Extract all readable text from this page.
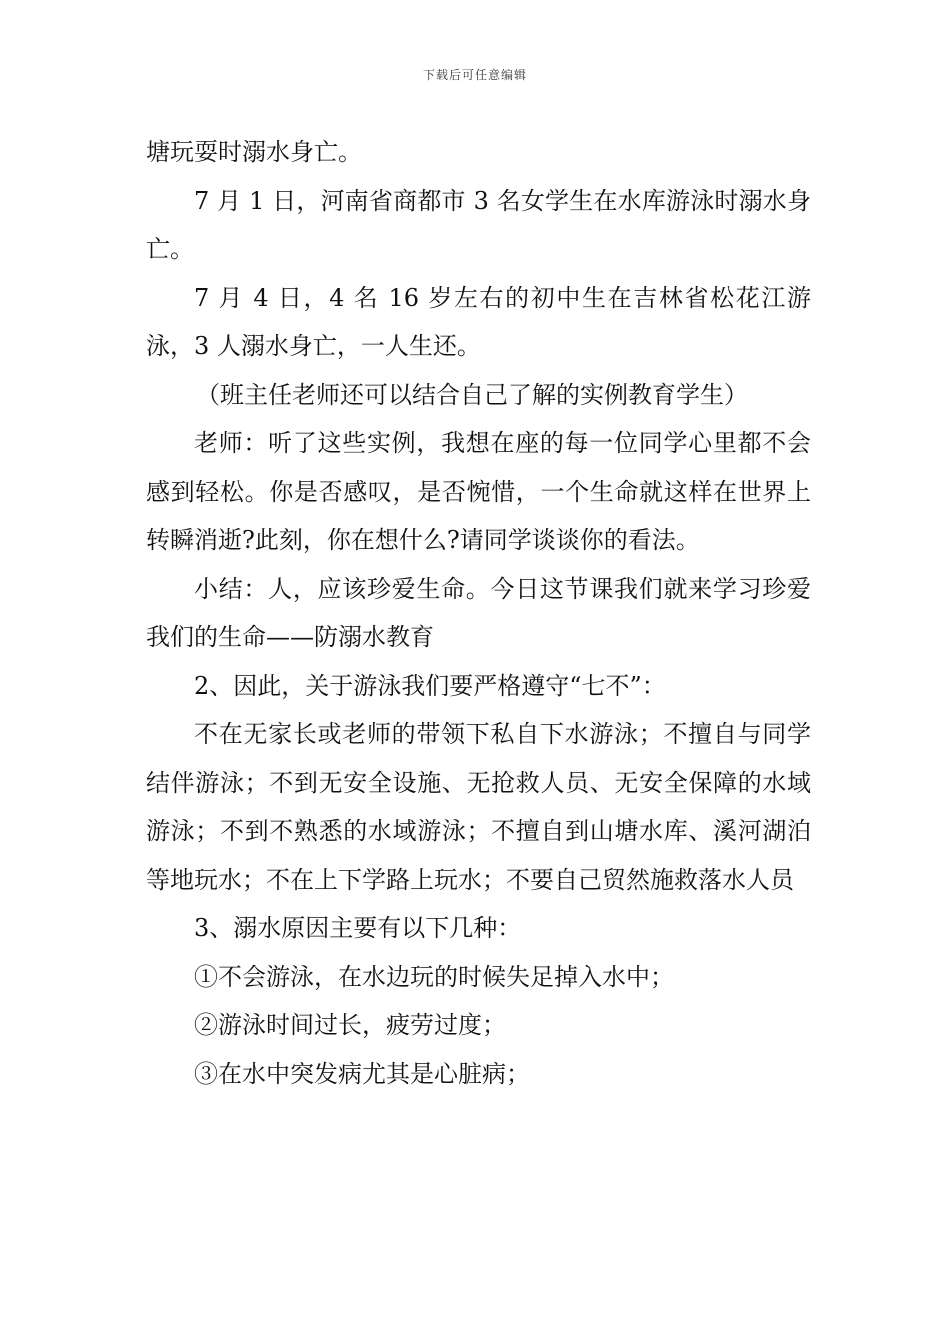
下载后可任意编辑

塘玩耍时溺水身亡。

7 月 1 日，河南省商都市 3 名女学生在水库游泳时溺水身亡。

7 月 4 日，4 名 16 岁左右的初中生在吉林省松花江游泳，3 人溺水身亡，一人生还。

（班主任老师还可以结合自己了解的实例教育学生）

老师：听了这些实例，我想在座的每一位同学心里都不会感到轻松。你是否感叹，是否惋惜，一个生命就这样在世界上转瞬消逝?此刻，你在想什么?请同学谈谈你的看法。

小结：人，应该珍爱生命。今日这节课我们就来学习珍爱我们的生命——防溺水教育

2、因此，关于游泳我们要严格遵守“七不”：

不在无家长或老师的带领下私自下水游泳；不擅自与同学结伴游泳；不到无安全设施、无抢救人员、无安全保障的水域游泳；不到不熟悉的水域游泳；不擅自到山塘水库、溪河湖泊等地玩水；不在上下学路上玩水；不要自己贸然施救落水人员

3、溺水原因主要有以下几种：

①不会游泳，在水边玩的时候失足掉入水中；

②游泳时间过长，疲劳过度；

③在水中突发病尤其是心脏病；
